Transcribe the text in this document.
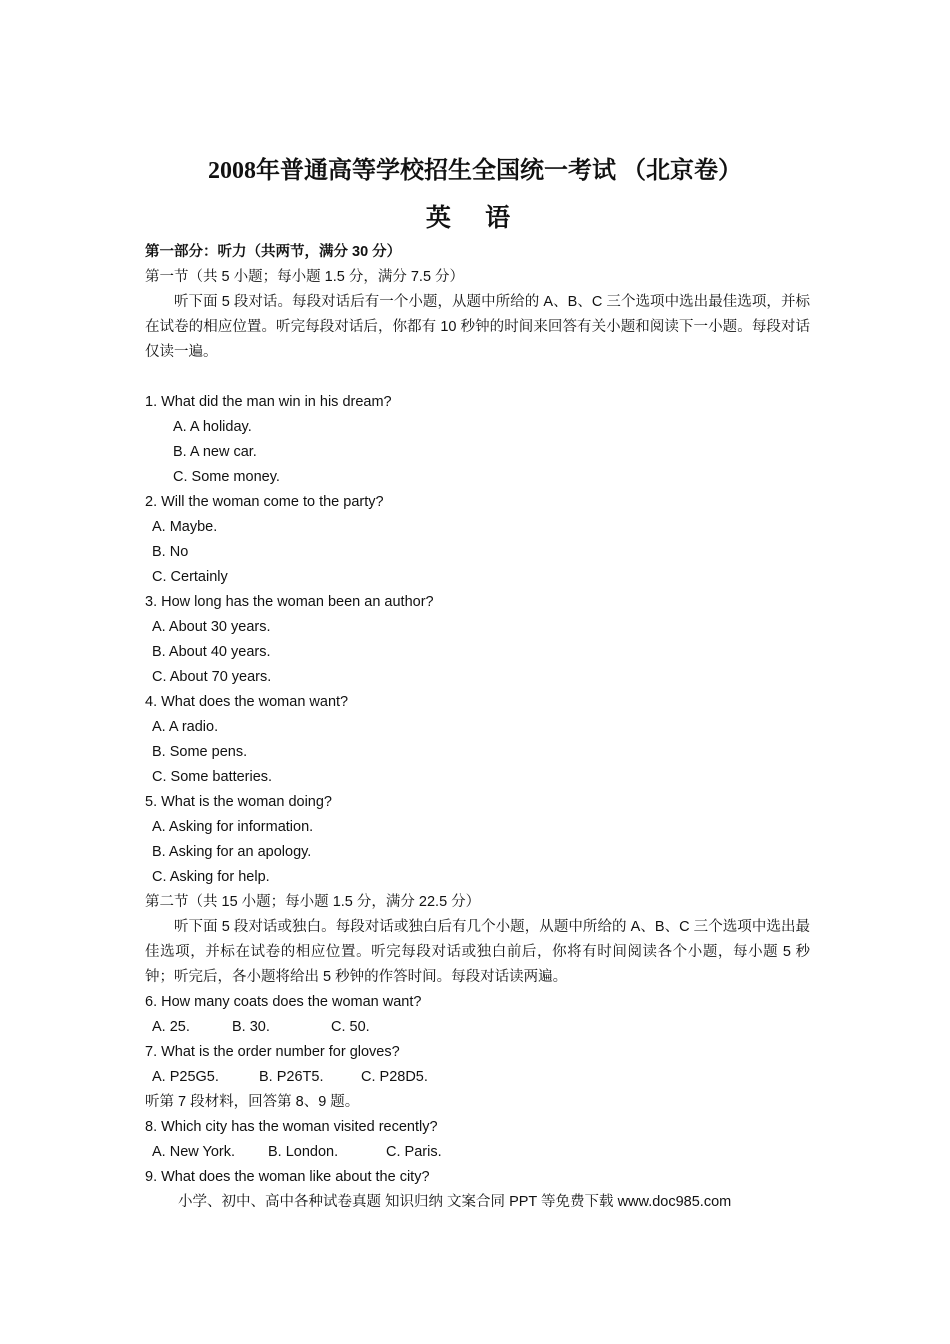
2008年普通高等学校招生全国统一考试 （北京卷）
英 语
第一部分：听力（共两节，满分 30 分）
第一节（共 5 小题；每小题 1.5 分，满分 7.5 分）
听下面 5 段对话。每段对话后有一个小题，从题中所给的 A、B、C 三个选项中选出最佳选项，并标在试卷的相应位置。听完每段对话后，你都有 10 秒钟的时间来回答有关小题和阅读下一小题。每段对话仅读一遍。
1. What did the man win in his dream?
A. A holiday.
B. A new car.
C. Some money.
2. Will the woman come to the party?
A. Maybe.
B. No
C. Certainly
3. How long has the woman been an author?
A. About 30 years.
B. About 40 years.
C. About 70 years.
4. What does the woman want?
A. A radio.
B. Some pens.
C. Some batteries.
5. What is the woman doing?
A. Asking for information.
B. Asking for an apology.
C. Asking for help.
第二节（共 15 小题；每小题 1.5 分，满分 22.5 分）
听下面 5 段对话或独白。每段对话或独白后有几个小题，从题中所给的 A、B、C 三个选项中选出最佳选项，并标在试卷的相应位置。听完每段对话或独白前后，你将有时间阅读各个小题，每小题 5 秒钟；听完后，各小题将给出 5 秒钟的作答时间。每段对话读两遍。
6. How many coats does the woman want?
A. 25.	B. 30.	C. 50.
7. What is the order number for gloves?
A. P25G5.	B. P26T5.	C. P28D5.
听第 7 段材料，回答第 8、9 题。
8. Which city has the woman visited recently?
A. New York.	B. London.	C. Paris.
9. What does the woman like about the city?
小学、初中、高中各种试卷真题 知识归纳 文案合同 PPT 等免费下载 www.doc985.com
